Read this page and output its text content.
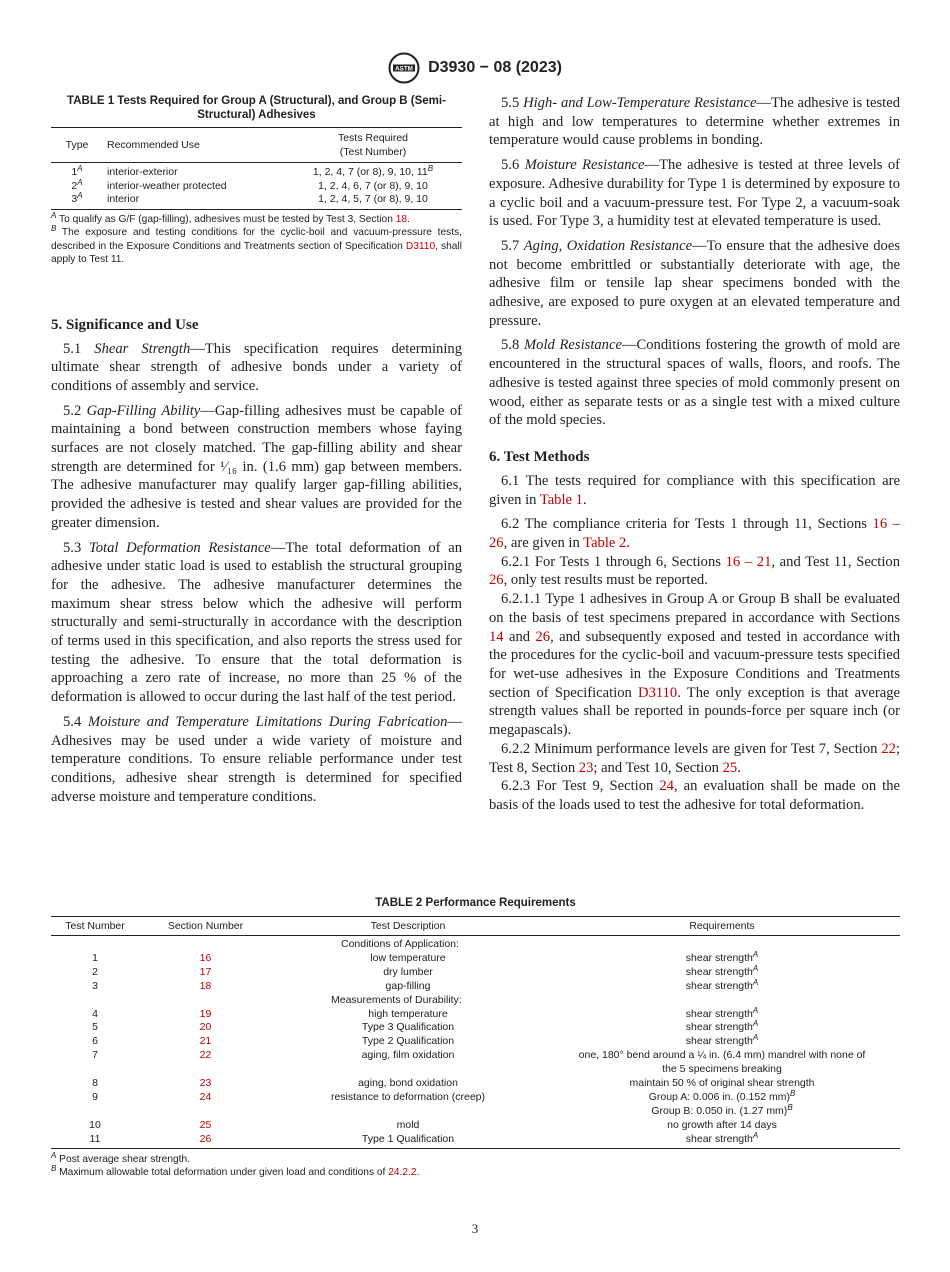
ASTM D3930 − 08 (2023)
TABLE 1 Tests Required for Group A (Structural), and Group B (Semi-Structural) Adhesives
Type	Recommended Use	Tests Required
(Test Number)
$1^A$	interior-exterior	1, 2, 4, 7 (or 8), 9, 10, $11^B$
$2^A$	interior-weather protected	1, 2, 4, 6, 7 (or 8), 9, 10
$3^A$	interior	1, 2, 4, 5, 7 (or 8), 9, 10

$^A$ To qualify as G/F (gap-filling), adhesives must be tested by Test 3, Section 18.

$^B$ The exposure and testing conditions for the cyclic-boil and vacuum-pressure tests, described in the Exposure Conditions and Treatments section of Specification D3110, shall apply to Test 11.

5. Significance and Use

5.1 Shear Strength—This specification requires determining ultimate shear strength of adhesive bonds under a variety of conditions of assembly and service.

5.2 Gap-Filling Ability—Gap-filling adhesives must be capable of maintaining a bond between construction members whose faying surfaces are not closely matched. The gap-filling ability and shear strength are determined for ¹⁄₁₆ in. (1.6 mm) gap between members. The adhesive manufacturer may qualify larger gap-filling abilities, provided the adhesive is tested and shear values are provided for the greater dimension.

5.3 Total Deformation Resistance—The total deformation of an adhesive under static load is used to establish the structural grouping for the adhesive. The adhesive manufacturer determines the maximum shear stress below which the adhesive will perform structurally and semi-structurally in accordance with the description of terms used in this specification, and also reports the stress used for testing the adhesive. To ensure that the total deformation is approaching a zero rate of increase, no more than 25 % of the deformation is allowed to occur during the last half of the test period.

5.4 Moisture and Temperature Limitations During Fabrication—Adhesives may be used under a wide variety of moisture and temperature conditions. To ensure reliable performance under test conditions, adhesive shear strength is determined for specified adverse moisture and temperature conditions.

5.5 High- and Low-Temperature Resistance—The adhesive is tested at high and low temperatures to determine whether extremes in temperature would cause problems in bonding.

5.6 Moisture Resistance—The adhesive is tested at three levels of exposure. Adhesive durability for Type 1 is determined by exposure to a cyclic boil and a vacuum-pressure test. For Type 2, a vacuum-soak is used. For Type 3, a humidity test at elevated temperature is used.

5.7 Aging, Oxidation Resistance—To ensure that the adhesive does not become embrittled or substantially deteriorate with age, the adhesive film or tensile lap shear specimens bonded with the adhesive, are exposed to pure oxygen at an elevated temperature and pressure.

5.8 Mold Resistance—Conditions fostering the growth of mold are encountered in the structural spaces of walls, floors, and roofs. The adhesive is tested against three species of mold commonly present on wood, either as separate tests or as a single test with a mixed culture of the mold species.

6. Test Methods

6.1 The tests required for compliance with this specification are given in Table 1.

6.2 The compliance criteria for Tests 1 through 11, Sections 16 – 26, are given in Table 2.

6.2.1 For Tests 1 through 6, Sections 16 – 21, and Test 11, Section 26, only test results must be reported.

6.2.1.1 Type 1 adhesives in Group A or Group B shall be evaluated on the basis of test specimens prepared in accordance with Sections 14 and 26, and subsequently exposed and tested in accordance with the procedures for the cyclic-boil and vacuum-pressure tests specified for wet-use adhesives in the Exposure Conditions and Treatments section of Specification D3110. The only exception is that average strength values shall be reported in pounds-force per square inch (or megapascals).

6.2.2 Minimum performance levels are given for Test 7, Section 22; Test 8, Section 23; and Test 10, Section 25.

6.2.3 For Test 9, Section 24, an evaluation shall be made on the basis of the loads used to test the adhesive for total deformation.

TABLE 2 Performance Requirements
Test Number	Section Number	Test Description	Requirements
Conditions of Application:			
1	16	low temperature	shear strength$^A$
2	17	dry lumber	shear strength$^A$
3	18	gap-filling	shear strength$^A$
Measurements of Durability:			
4	19	high temperature	shear strength$^A$
5	20	Type 3 Qualification	shear strength$^A$
6	21	Type 2 Qualification	shear strength$^A$
7	22	aging, film oxidation	one, 180° bend around a ¼ in. (6.4 mm) mandrel with none of
the 5 specimens breaking
8	23	aging, bond oxidation	maintain 50 % of original shear strength
9	24	resistance to deformation (creep)	Group A: 0.006 in. (0.152 mm)$^B$
Group B: 0.050 in. (1.27 mm)$^B$
10	25	mold	no growth after 14 days
11	26	Type 1 Qualification	shear strength$^A$

$^A$ Post average shear strength.

$^B$ Maximum allowable total deformation under given load and conditions of 24.2.2.

3
